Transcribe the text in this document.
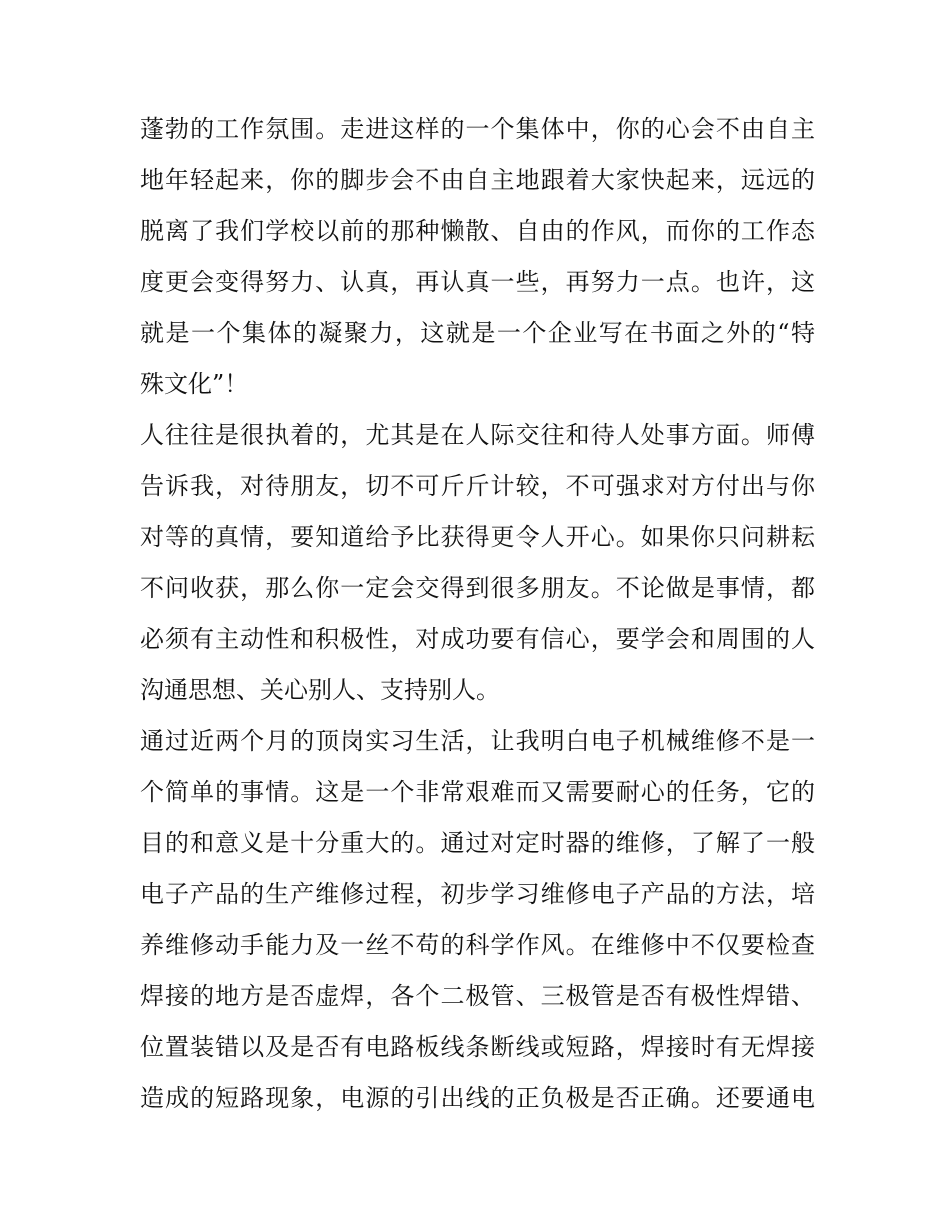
蓬勃的工作氛围。走进这样的一个集体中，你的心会不由自主
地年轻起来，你的脚步会不由自主地跟着大家快起来，远远的
脱离了我们学校以前的那种懒散、自由的作风，而你的工作态
度更会变得努力、认真，再认真一些，再努力一点。也许，这
就是一个集体的凝聚力，这就是一个企业写在书面之外的“特
殊文化”！
人往往是很执着的，尤其是在人际交往和待人处事方面。师傅
告诉我，对待朋友，切不可斤斤计较，不可强求对方付出与你
对等的真情，要知道给予比获得更令人开心。如果你只问耕耘
不问收获，那么你一定会交得到很多朋友。不论做是事情，都
必须有主动性和积极性，对成功要有信心，要学会和周围的人
沟通思想、关心别人、支持别人。
通过近两个月的顶岗实习生活，让我明白电子机械维修不是一
个简单的事情。这是一个非常艰难而又需要耐心的任务，它的
目的和意义是十分重大的。通过对定时器的维修，了解了一般
电子产品的生产维修过程，初步学习维修电子产品的方法，培
养维修动手能力及一丝不苟的科学作风。在维修中不仅要检查
焊接的地方是否虚焊，各个二极管、三极管是否有极性焊错、
位置装错以及是否有电路板线条断线或短路，焊接时有无焊接
造成的短路现象，电源的引出线的正负极是否正确。还要通电
